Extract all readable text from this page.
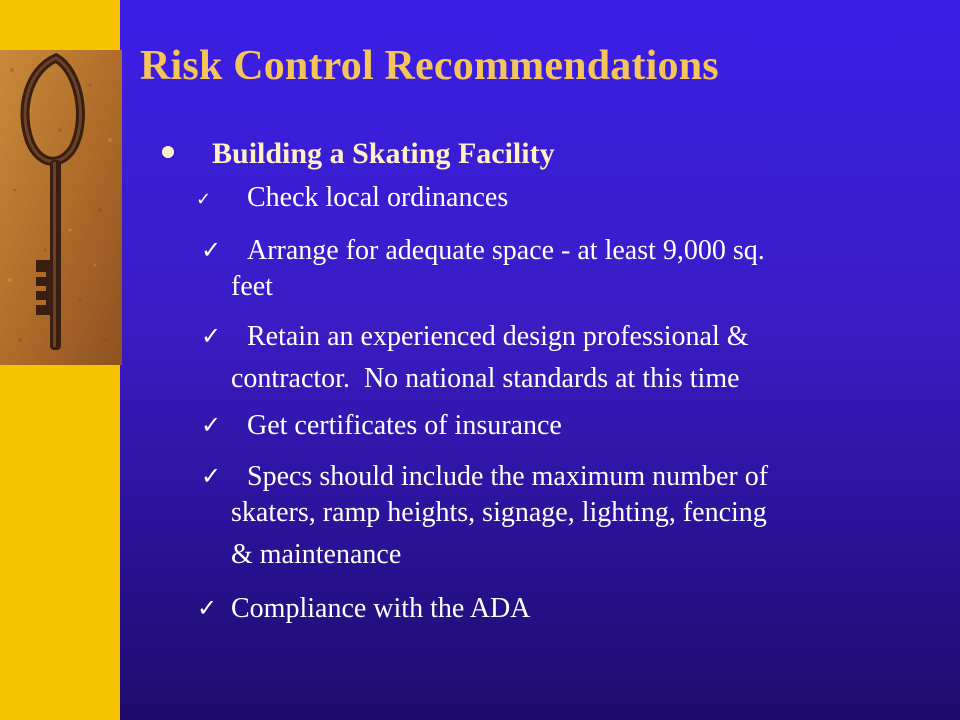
Risk Control Recommendations
Building a Skating Facility
✓ Check local ordinances
✓ Arrange for adequate space - at least 9,000 sq.
feet
✓ Retain an experienced design professional &
contractor.  No national standards at this time
✓ Get certificates of insurance
✓ Specs should include the maximum number of
skaters, ramp heights, signage, lighting, fencing
& maintenance
✓ Compliance with the ADA
